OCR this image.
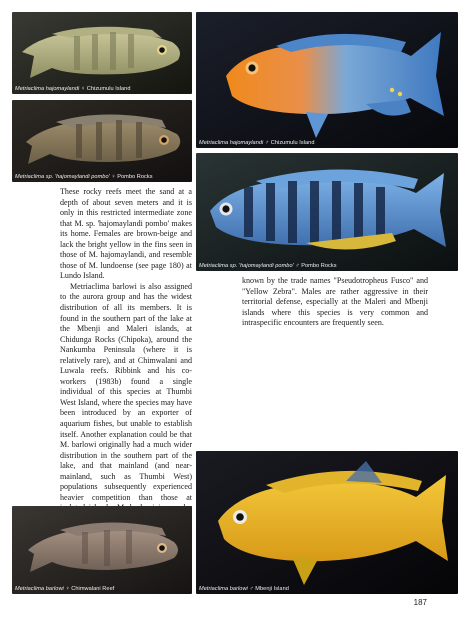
Metriaclima hajomaylandi ♀ Chizumulu Island
Metriaclima hajomaylandi ♂ Chizumulu Island
Metriaclima sp. 'hajomaylandi pombo' ♀ Pombo Rocks
Metriaclima sp. 'hajomaylandi pombo' ♂ Pombo Rocks

These rocky reefs meet the sand at a depth of about seven meters and it is only in this restricted intermediate zone that M. sp. 'hajomaylandi pombo' makes its home. Females are brown-beige and lack the bright yellow in the fins seen in those of M. hajomaylandi, and resemble those of M. lundoense (see page 180) at Lundo Island.

Metriaclima barlowi is also assigned to the aurora group and has the widest distribution of all its members. It is found in the southern part of the lake at the Mbenji and Maleri islands, at Chidunga Rocks (Chipoka), around the Nankumba Peninsula (where it is relatively rare), and at Chimwalani and Luwala reefs. Ribbink and his co-workers (1983b) found a single individual of this species at Thumbi West Island, where the species may have been introduced by an exporter of aquarium fishes, but unable to establish itself. Another explanation could be that M. barlowi originally had a much wider distribution in the southern part of the lake, and that mainland (and near-mainland, such as Thumbi West) populations subsequently experienced heavier competition than those at

known by the trade names "Pseudotropheus Fusco" and "Yellow Zebra". Males are rather aggressive in their territorial defense, especially at the Maleri and Mbenji islands where this species is very common and intraspecific encounters are frequently seen.

Metriaclima barlowi ♀ Chimwalani Reef	Metriaclima barlowi ♂ Mbenji Island
187
